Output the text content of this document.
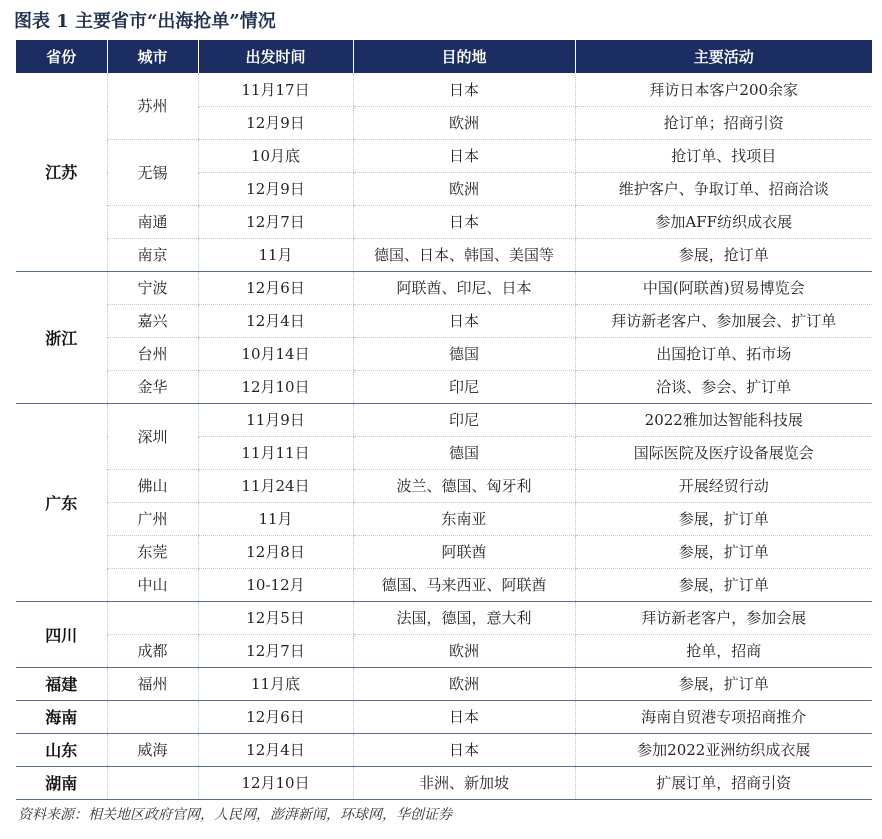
图表 1 主要省市“出海抢单”情况
省份	城市	出发时间	目的地	主要活动
江苏	苏州	11月17日	日本	拜访日本客户200余家
		12月9日	欧洲	抢订单；招商引资
	无锡	10月底	日本	抢订单、找项目
		12月9日	欧洲	维护客户、争取订单、招商洽谈
	南通	12月7日	日本	参加AFF纺织成衣展
	南京	11月	德国、日本、韩国、美国等	参展，抢订单
浙江	宁波	12月6日	阿联酋、印尼、日本	中国(阿联酋)贸易博览会
	嘉兴	12月4日	日本	拜访新老客户、参加展会、扩订单
	台州	10月14日	德国	出国抢订单、拓市场
	金华	12月10日	印尼	洽谈、参会、扩订单
广东	深圳	11月9日	印尼	2022雅加达智能科技展
		11月11日	德国	国际医院及医疗设备展览会
	佛山	11月24日	波兰、德国、匈牙利	开展经贸行动
	广州	11月	东南亚	参展，扩订单
	东莞	12月8日	阿联酋	参展，扩订单
	中山	10-12月	德国、马来西亚、阿联酋	参展，扩订单
四川		12月5日	法国，德国，意大利	拜访新老客户，参加会展
	成都	12月7日	欧洲	抢单，招商
福建	福州	11月底	欧洲	参展，扩订单
海南		12月6日	日本	海南自贸港专项招商推介
山东	威海	12月4日	日本	参加2022亚洲纺织成衣展
湖南		12月10日	非洲、新加坡	扩展订单，招商引资
资料来源：相关地区政府官网，人民网，澎湃新闻，环球网，华创证券
